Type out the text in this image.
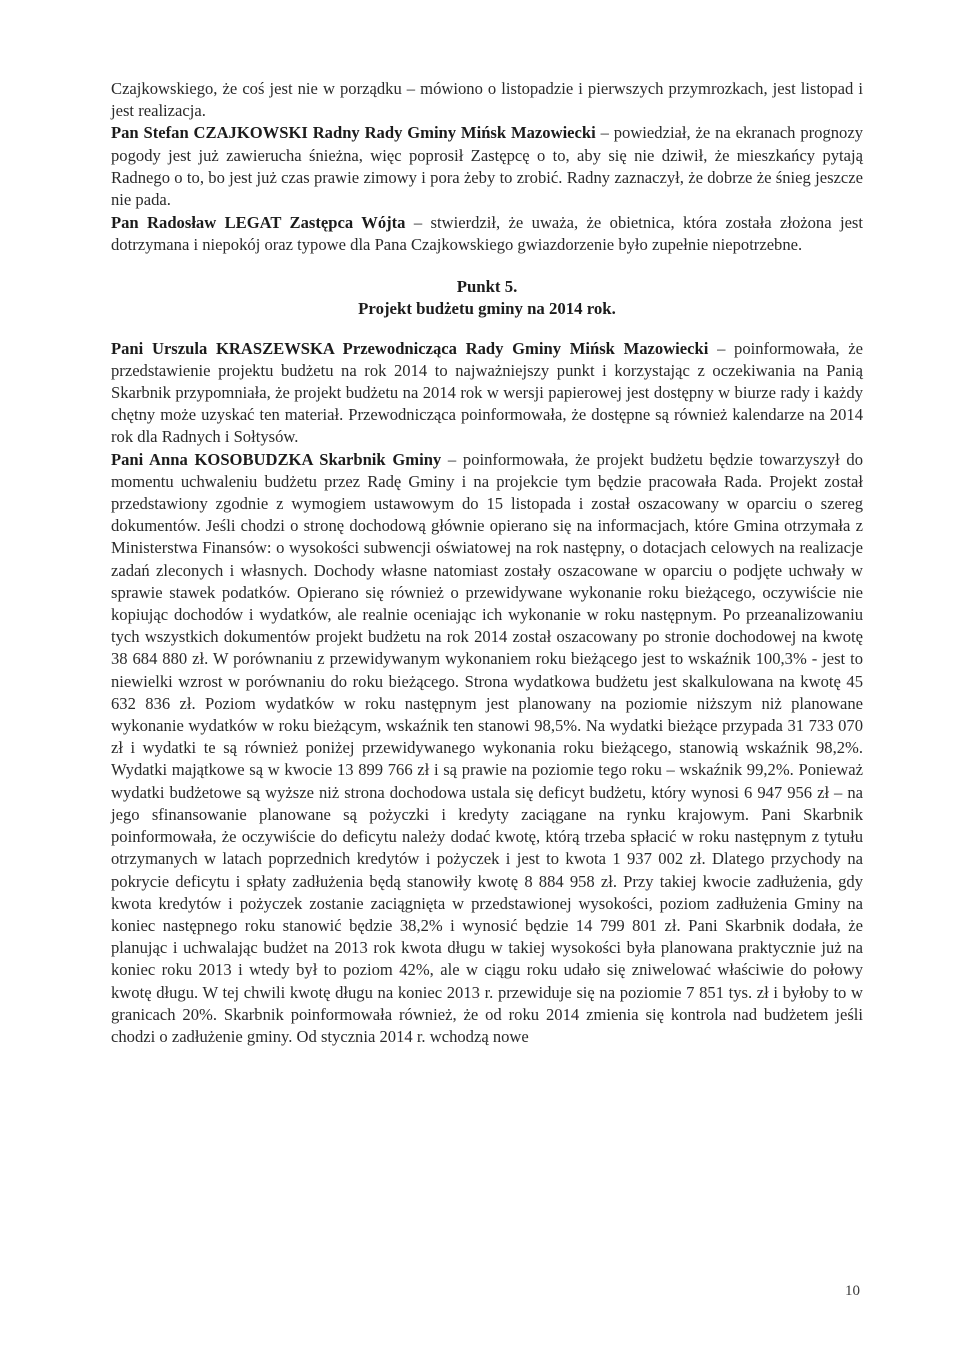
Czajkowskiego, że coś jest nie w porządku – mówiono o listopadzie i pierwszych przymrozkach, jest listopad i jest realizacja.

Pan Stefan CZAJKOWSKI Radny Rady Gminy Mińsk Mazowiecki – powiedział, że na ekranach prognozy pogody jest już zawierucha śnieżna, więc poprosił Zastępcę o to, aby się nie dziwił, że mieszkańcy pytają Radnego o to, bo jest już czas prawie zimowy i pora żeby to zrobić. Radny zaznaczył, że dobrze że śnieg jeszcze nie pada.

Pan Radosław LEGAT Zastępca Wójta – stwierdził, że uważa, że obietnica, która została złożona jest dotrzymana i niepokój oraz typowe dla Pana Czajkowskiego gwiazdorzenie było zupełnie niepotrzebne.

Punkt 5.
Projekt budżetu gminy na 2014 rok.

Pani Urszula KRASZEWSKA Przewodnicząca Rady Gminy Mińsk Mazowiecki – poinformowała, że przedstawienie projektu budżetu na rok 2014 to najważniejszy punkt i korzystając z oczekiwania na Panią Skarbnik przypomniała, że projekt budżetu na 2014 rok w wersji papierowej jest dostępny w biurze rady i każdy chętny może uzyskać ten materiał. Przewodnicząca poinformowała, że dostępne są również kalendarze na 2014 rok dla Radnych i Sołtysów.

Pani Anna KOSOBUDZKA Skarbnik Gminy – poinformowała, że projekt budżetu będzie towarzyszył do momentu uchwaleniu budżetu przez Radę Gminy i na projekcie tym będzie pracowała Rada. Projekt został przedstawiony zgodnie z wymogiem ustawowym do 15 listopada i został oszacowany w oparciu o szereg dokumentów. Jeśli chodzi o stronę dochodową głównie opierano się na informacjach, które Gmina otrzymała z Ministerstwa Finansów: o wysokości subwencji oświatowej na rok następny, o dotacjach celowych na realizacje zadań zleconych i własnych. Dochody własne natomiast zostały oszacowane w oparciu o podjęte uchwały w sprawie stawek podatków. Opierano się również o przewidywane wykonanie roku bieżącego, oczywiście nie kopiując dochodów i wydatków, ale realnie oceniając ich wykonanie w roku następnym. Po przeanalizowaniu tych wszystkich dokumentów projekt budżetu na rok 2014 został oszacowany po stronie dochodowej na kwotę 38 684 880 zł. W porównaniu z przewidywanym wykonaniem roku bieżącego jest to wskaźnik 100,3% - jest to niewielki wzrost w porównaniu do roku bieżącego. Strona wydatkowa budżetu jest skalkulowana na kwotę 45 632 836 zł. Poziom wydatków w roku następnym jest planowany na poziomie niższym niż planowane wykonanie wydatków w roku bieżącym, wskaźnik ten stanowi 98,5%. Na wydatki bieżące przypada 31 733 070 zł i wydatki te są również poniżej przewidywanego wykonania roku bieżącego, stanowią wskaźnik 98,2%. Wydatki majątkowe są w kwocie 13 899 766 zł i są prawie na poziomie tego roku – wskaźnik 99,2%. Ponieważ wydatki budżetowe są wyższe niż strona dochodowa ustala się deficyt budżetu, który wynosi 6 947 956 zł – na jego sfinansowanie planowane są pożyczki i kredyty zaciągane na rynku krajowym. Pani Skarbnik poinformowała, że oczywiście do deficytu należy dodać kwotę, którą trzeba spłacić w roku następnym z tytułu otrzymanych w latach poprzednich kredytów i pożyczek i jest to kwota 1 937 002 zł. Dlatego przychody na pokrycie deficytu i spłaty zadłużenia będą stanowiły kwotę 8 884 958 zł. Przy takiej kwocie zadłużenia, gdy kwota kredytów i pożyczek zostanie zaciągnięta w przedstawionej wysokości, poziom zadłużenia Gminy na koniec następnego roku stanowić będzie 38,2% i wynosić będzie 14 799 801 zł. Pani Skarbnik dodała, że planując i uchwalając budżet na 2013 rok kwota długu w takiej wysokości była planowana praktycznie już na koniec roku 2013 i wtedy był to poziom 42%, ale w ciągu roku udało się zniwelować właściwie do połowy kwotę długu. W tej chwili kwotę długu na koniec 2013 r. przewiduje się na poziomie 7 851 tys. zł i byłoby to w granicach 20%. Skarbnik poinformowała również, że od roku 2014 zmienia się kontrola nad budżetem jeśli chodzi o zadłużenie gminy. Od stycznia 2014 r. wchodzą nowe

10
